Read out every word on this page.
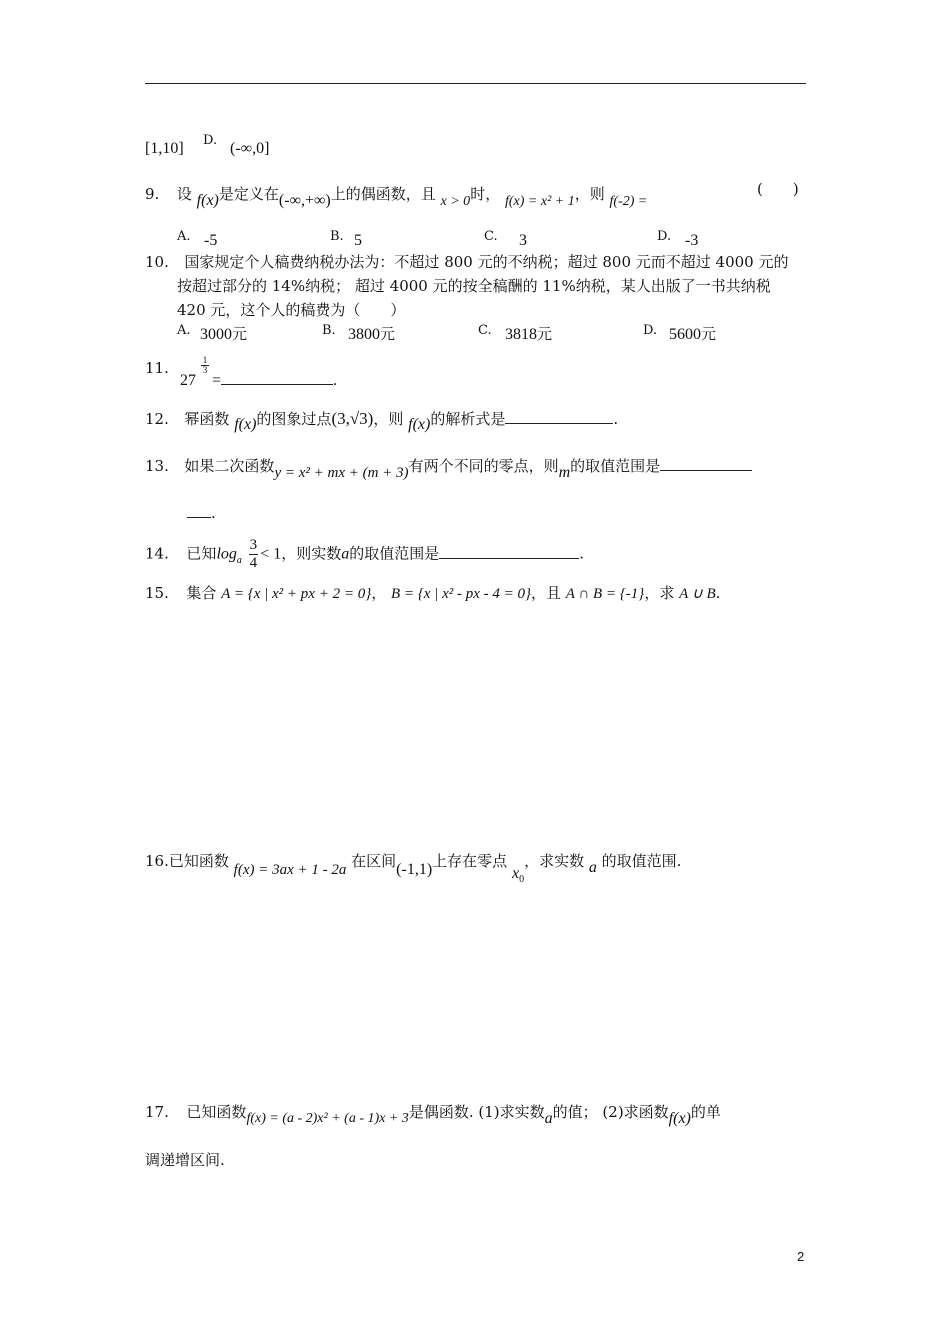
[1,10] D. (-∞,0]
9. 设 f(x)是定义在(-∞,+∞)上的偶函数，且 x > 0时， f(x) = x² + 1，则 f(-2) =
(　　)
A. -5	B. 5	C. 3	D. -3
10. 国家规定个人稿费纳税办法为：不超过 800 元的不纳税；超过 800 元而不超过 4000 元的
按超过部分的 14%纳税； 超过 4000 元的按全稿酬的 11%纳税，某人出版了一书共纳税
420 元，这个人的稿费为（　　）
A. 3000元	B. 3800元	C. 3818元	D. 5600元
11.
27
1
3
=	.
12. 幂函数 f(x)的图象过点(3,√3)，则 f(x)的解析式是	.
13. 如果二次函数y = x² + mx + (m + 3)有两个不同的零点，则m的取值范围是
.
14. 已知$\log_a \frac{3}{4} < 1$，则实数a的取值范围是	.
15. 集合 A = {x | x² + px + 2 = 0}， B = {x | x² - px - 4 = 0}，且 A ∩ B = {-1}，求 A ∪ B.
16.已知函数 f(x) = 3ax + 1 - 2a 在区间(-1,1)上存在零点 $x_0$，求实数 a 的取值范围.
17. 已知函数f(x) = (a - 2)x² + (a - 1)x + 3是偶函数. (1)求实数a的值； (2)求函数f(x)的单
调递增区间.
2
